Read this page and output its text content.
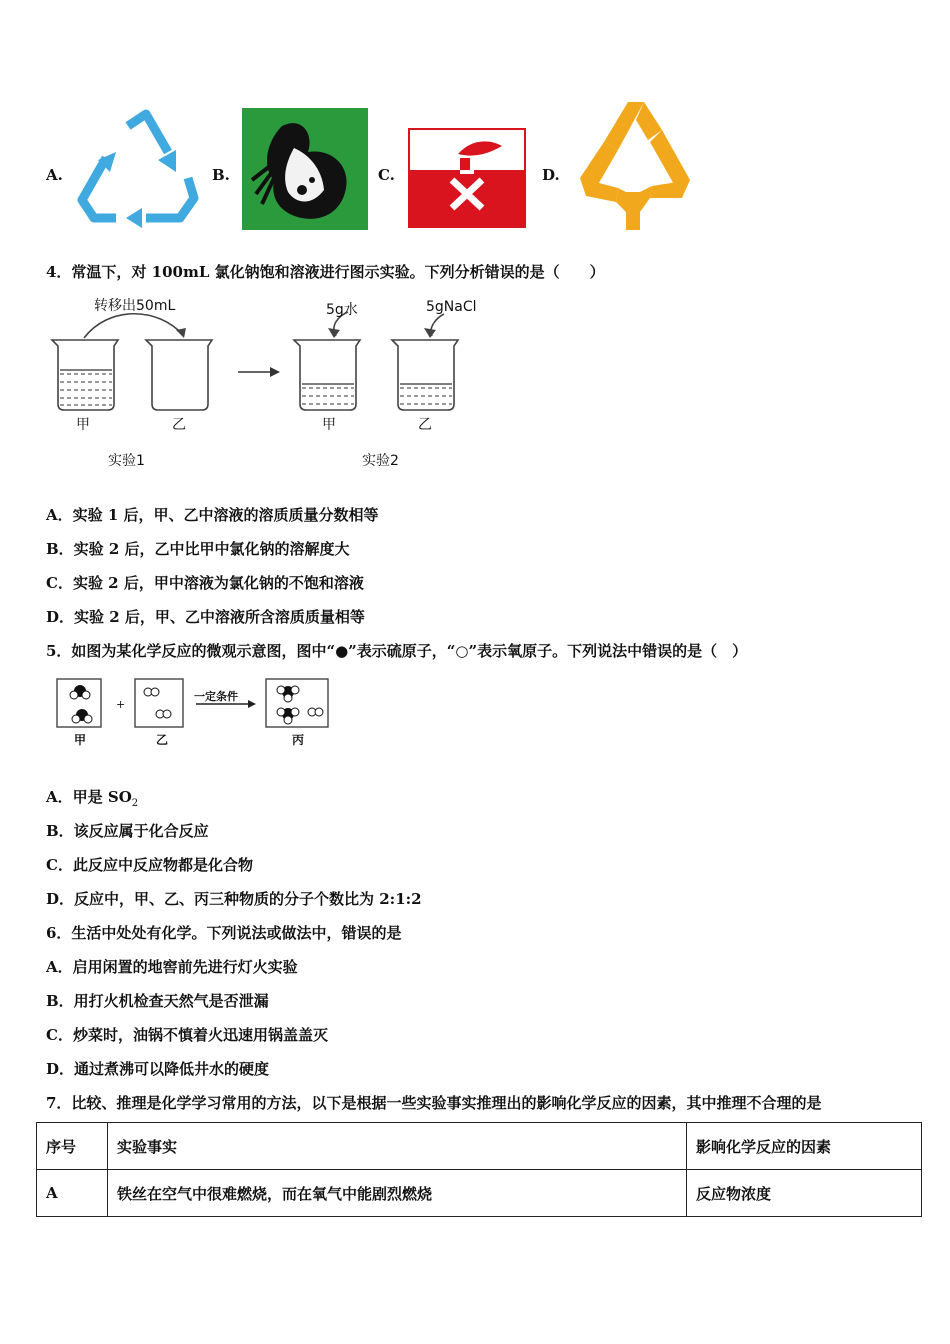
A.	B.	C.	D.
4．常温下，对 100mL 氯化钠饱和溶液进行图示实验。下列分析错误的是（　　）
转移出50mL	5g水	5gNaCl
甲	乙	甲	乙
实验1	实验2
A．实验 1 后，甲、乙中溶液的溶质质量分数相等
B．实验 2 后，乙中比甲中氯化钠的溶解度大
C．实验 2 后，甲中溶液为氯化钠的不饱和溶液
D．实验 2 后，甲、乙中溶液所含溶质质量相等
5．如图为某化学反应的微观示意图，图中“●”表示硫原子，“○”表示氧原子。下列说法中错误的是（　）
+
一定条件
甲	乙	丙
A．甲是 $SO_2$
B．该反应属于化合反应
C．此反应中反应物都是化合物
D．反应中，甲、乙、丙三种物质的分子个数比为 2:1:2
6．生活中处处有化学。下列说法或做法中，错误的是
A．启用闲置的地窖前先进行灯火实验
B．用打火机检查天然气是否泄漏
C．炒菜时，油锅不慎着火迅速用锅盖盖灭
D．通过煮沸可以降低井水的硬度
7．比较、推理是化学学习常用的方法，以下是根据一些实验事实推理出的影响化学反应的因素，其中推理不合理的是
序号	实验事实	影响化学反应的因素
A	铁丝在空气中很难燃烧，而在氧气中能剧烈燃烧	反应物浓度
